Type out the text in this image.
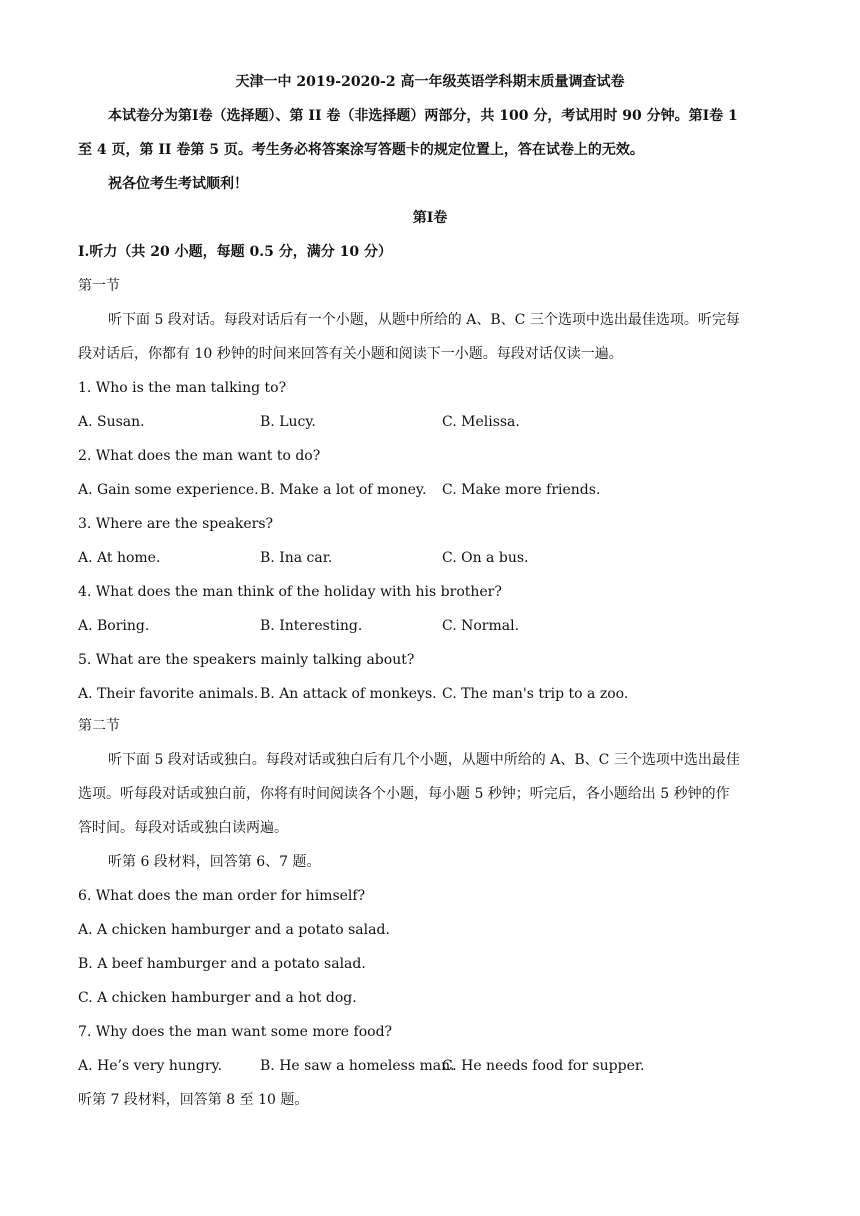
天津一中 2019-2020-2 高一年级英语学科期末质量调查试卷
本试卷分为第Ⅰ卷（选择题）、第 II 卷（非选择题）两部分，共 100 分，考试用时 90 分钟。第Ⅰ卷 1
至 4 页，第 II 卷第 5 页。考生务必将答案涂写答题卡的规定位置上，答在试卷上的无效。
祝各位考生考试顺利！
第Ⅰ卷
Ⅰ.听力（共 20 小题，每题 0.5 分，满分 10 分）
第一节
听下面 5 段对话。每段对话后有一个小题，从题中所给的 A、B、C 三个选项中选出最佳选项。听完每
段对话后，你都有 10 秒钟的时间来回答有关小题和阅读下一小题。每段对话仅读一遍。
1. Who is the man talking to?
A. Susan.	B. Lucy.	C. Melissa.
2. What does the man want to do?
A. Gain some experience. B. Make a lot of money.	C. Make more friends.
3. Where are the speakers?
A. At home.	B. Ina car.	C. On a bus.
4. What does the man think of the holiday with his brother?
A. Boring.	B. Interesting.	C. Normal.
5. What are the speakers mainly talking about?
A. Their favorite animals. B. An attack of monkeys. C. The man's trip to a zoo.
第二节
听下面 5 段对话或独白。每段对话或独白后有几个小题，从题中所给的 A、B、C 三个选项中选出最佳
选项。听每段对话或独白前，你将有时间阅读各个小题，每小题 5 秒钟；听完后，各小题给出 5 秒钟的作
答时间。每段对话或独白读两遍。
听第 6 段材料，回答第 6、7 题。
6. What does the man order for himself?
A. A chicken hamburger and a potato salad.
B. A beef hamburger and a potato salad.
C. A chicken hamburger and a hot dog.
7. Why does the man want some more food?
A. He’s very hungry.	B. He saw a homeless man.
C. He needs food for supper.
听第 7 段材料，回答第 8 至 10 题。
